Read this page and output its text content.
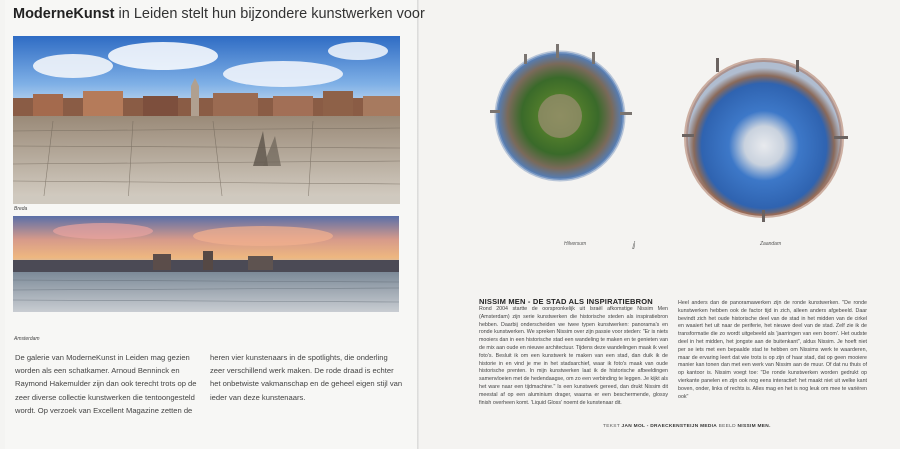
ModerneKunst in Leiden stelt hun bijzondere kunstwerken voor
Breda
Amsterdam
De galerie van ModerneKunst in Leiden mag gezien worden als een schatkamer. Arnoud Benninck en Raymond Hakemulder zijn dan ook terecht trots op de zeer diverse collectie kunstwerken die tentoongesteld wordt. Op verzoek van Excellent Magazine zetten de
heren vier kunstenaars in de spotlights, die onderling zeer verschillend werk maken. De rode draad is echter het onbetwiste vakmanschap en de geheel eigen stijl van ieder van deze kunstenaars.
Hilversum	Zaandam
ⅈ
NISSIM MEN - DE STAD ALS INSPIRATIEBRON
Rond 2004 startte de oorspronkelijk uit Israël afkomstige Nissim Men (Amsterdam) zijn serie kunstwerken die historische steden als inspiratiebron hebben. Daarbij onderscheiden we twee typen kunstwerken: panorama's en ronde kunstwerken. We spreken Nissim over zijn passie voor steden: "Er is niets mooiers dan in een historische stad een wandeling te maken en te genieten van de mix aan oude en nieuwe architectuur. Tijdens deze wandelingen maak ik veel foto's. Besluit ik om een kunstwerk te maken van een stad, dan duik ik de historie in en vind je me in het stadsarchief, waar ik foto's maak van oude historische prenten. In mijn kunstwerken laat ik de historische afbeeldingen samenvloeien met de hedendaagse, om zo een verbinding te leggen. Je kijkt als het ware naar een tijdmachine." Is een kunstwerk gereed, dan drukt Nissim dit meestal af op een aluminium drager, waarna er een beschermende, glossy finish overheen komt. 'Liquid Gloss' noemt de kunstenaar dit.
Heel anders dan de panoramawerken zijn de ronde kunstwerken. "De ronde kunstwerken hebben ook de factor tijd in zich, alleen anders afgebeeld. Daar bevindt zich het oude historische deel van de stad in het midden van de cirkel en waaiert het uit naar de periferie, het nieuwe deel van de stad. Zelf zie ik de transformatie die zo wordt uitgebeeld als 'jaarringen van een boom'. Het oudste deel in het midden, het jongste aan de buitenkant", aldus Nissim. Je hoeft niet per se iets met een bepaalde stad te hebben om Nissims werk te waarderen, maar de ervaring leert dat wie trots is op zijn of haar stad, dat op geen mooiere manier kan tonen dan met een werk van Nissim aan de muur. Of dat nu thuis of op kantoor is. Nissim voegt toe: "De ronde kunstwerken worden gedrukt op vierkante panelen en zijn ook nog eens interactief: het maakt niet uit welke kant boven, onder, links of rechts is. Alles mag en het is nog leuk om mee te variëren ook"
TEKST JAN MOL - DRAECKENSTEIJN MEDIA BEELD NISSIM MEN.
